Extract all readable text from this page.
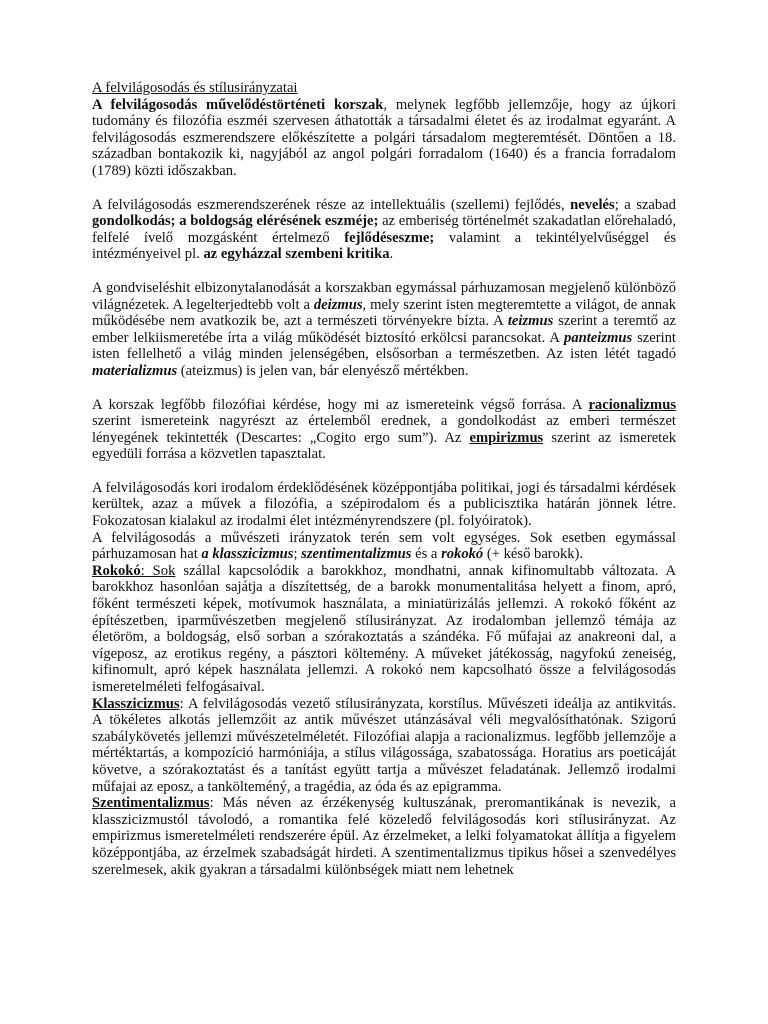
A felvilágosodás és stílusirányzatai

A felvilágosodás művelődéstörténeti korszak, melynek legfőbb jellemzője, hogy az újkori tudomány és filozófia eszméi szervesen áthatották a társadalmi életet és az irodalmat egyaránt. A felvilágosodás eszmerendszere előkészítette a polgári társadalom megteremtését. Döntően a 18. században bontakozik ki, nagyjából az angol polgári forradalom (1640) és a francia forradalom (1789) közti időszakban.

A felvilágosodás eszmerendszerének része az intellektuális (szellemi) fejlődés, nevelés; a szabad gondolkodás; a boldogság elérésének eszméje; az emberiség történelmét szakadatlan előrehaladó, felfelé ívelő mozgásként értelmező fejlődéseszme; valamint a tekintélyelvűséggel és intézményeivel pl. az egyházzal szembeni kritika.

A gondviseléshit elbizonytalanodását a korszakban egymással párhuzamosan megjelenő különböző világnézetek. A legelterjedtebb volt a deizmus, mely szerint isten megteremtette a világot, de annak működésébe nem avatkozik be, azt a természeti törvényekre bízta. A teizmus szerint a teremtő az ember lelkiismeretébe írta a világ működését biztosító erkölcsi parancsokat. A panteizmus szerint isten fellelhető a világ minden jelenségében, elsősorban a természetben. Az isten létét tagadó materializmus (ateizmus) is jelen van, bár elenyésző mértékben.

A korszak legfőbb filozófiai kérdése, hogy mi az ismereteink végső forrása. A racionalizmus szerint ismereteink nagyrészt az értelemből erednek, a gondolkodást az emberi természet lényegének tekintették (Descartes: „Cogito ergo sum”). Az empirizmus szerint az ismeretek egyedüli forrása a közvetlen tapasztalat.

A felvilágosodás kori irodalom érdeklődésének középpontjába politikai, jogi és társadalmi kérdések kerültek, azaz a művek a filozófia, a szépirodalom és a publicisztika határán jönnek létre. Fokozatosan kialakul az irodalmi élet intézményrendszere (pl. folyóiratok).

A felvilágosodás a művészeti irányzatok terén sem volt egységes. Sok esetben egymással párhuzamosan hat a klasszicizmus; szentimentalizmus és a rokokó (+ késő barokk).

Rokokó: Sok szállal kapcsolódik a barokkhoz, mondhatni, annak kifinomultabb változata. A barokkhoz hasonlóan sajátja a díszítettség, de a barokk monumentalitása helyett a finom, apró, főként természeti képek, motívumok használata, a miniatürizálás jellemzi. A rokokó főként az építészetben, iparművészetben megjelenő stílusirányzat. Az irodalomban jellemző témája az életöröm, a boldogság, első sorban a szórakoztatás a szándéka. Fő műfajai az anakreoni dal, a vígeposz, az erotikus regény, a pásztori költemény. A műveket játékosság, nagyfokú zeneiség, kifinomult, apró képek használata jellemzi. A rokokó nem kapcsolható össze a felvilágosodás ismeretelméleti felfogásaival.

Klasszicizmus: A felvilágosodás vezető stílusirányzata, korstílus. Művészeti ideálja az antikvitás. A tökéletes alkotás jellemzőit az antik művészet utánzásával véli megvalósíthatónak. Szigorú szabálykövetés jellemzi művészetelméletét. Filozófiai alapja a racionalizmus. legfőbb jellemzője a mértéktartás, a kompozíció harmóniája, a stílus világossága, szabatossága. Horatius ars poeticáját követve, a szórakoztatást és a tanítást együtt tartja a művészet feladatának. Jellemző irodalmi műfajai az eposz, a tankölteméný, a tragédia, az óda és az epigramma.

Szentimentalizmus: Más néven az érzékenység kultuszának, preromantikának is nevezik, a klasszicizmustól távolodó, a romantika felé közeledő felvilágosodás kori stílusirányzat. Az empirizmus ismeretelméleti rendszerére épül. Az érzelmeket, a lelki folyamatokat állítja a figyelem középpontjába, az érzelmek szabadságát hirdeti. A szentimentalizmus tipikus hősei a szenvedélyes szerelmesek, akik gyakran a társadalmi különbségek miatt nem lehetnek
